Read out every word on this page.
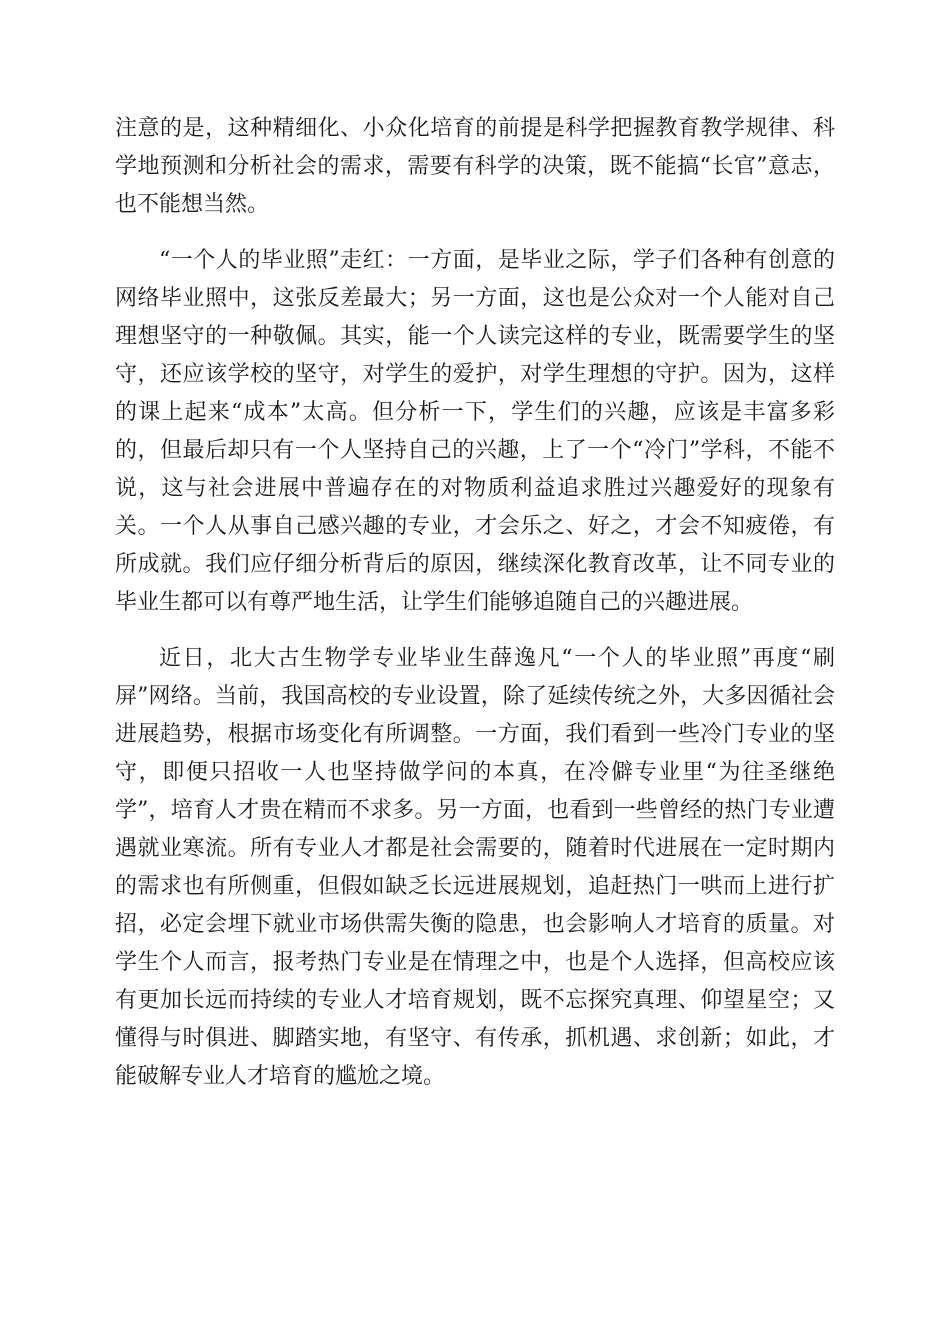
注意的是，这种精细化、小众化培育的前提是科学把握教育教学规律、科学地预测和分析社会的需求，需要有科学的决策，既不能搞“长官”意志，也不能想当然。

“一个人的毕业照”走红：一方面，是毕业之际，学子们各种有创意的网络毕业照中，这张反差最大；另一方面，这也是公众对一个人能对自己理想坚守的一种敬佩。其实，能一个人读完这样的专业，既需要学生的坚守，还应该学校的坚守，对学生的爱护，对学生理想的守护。因为，这样的课上起来“成本”太高。但分析一下，学生们的兴趣，应该是丰富多彩的，但最后却只有一个人坚持自己的兴趣，上了一个“冷门”学科，不能不说，这与社会进展中普遍存在的对物质利益追求胜过兴趣爱好的现象有关。一个人从事自己感兴趣的专业，才会乐之、好之，才会不知疲倦，有所成就。我们应仔细分析背后的原因，继续深化教育改革，让不同专业的毕业生都可以有尊严地生活，让学生们能够追随自己的兴趣进展。

近日，北大古生物学专业毕业生薛逸凡“一个人的毕业照”再度“刷屏”网络。当前，我国高校的专业设置，除了延续传统之外，大多因循社会进展趋势，根据市场变化有所调整。一方面，我们看到一些冷门专业的坚守，即便只招收一人也坚持做学问的本真，在冷僻专业里“为往圣继绝学”，培育人才贵在精而不求多。另一方面，也看到一些曾经的热门专业遭遇就业寒流。所有专业人才都是社会需要的，随着时代进展在一定时期内的需求也有所侧重，但假如缺乏长远进展规划，追赶热门一哄而上进行扩招，必定会埋下就业市场供需失衡的隐患，也会影响人才培育的质量。对学生个人而言，报考热门专业是在情理之中，也是个人选择，但高校应该有更加长远而持续的专业人才培育规划，既不忘探究真理、仰望星空；又懂得与时俱进、脚踏实地，有坚守、有传承，抓机遇、求创新；如此，才能破解专业人才培育的尴尬之境。
